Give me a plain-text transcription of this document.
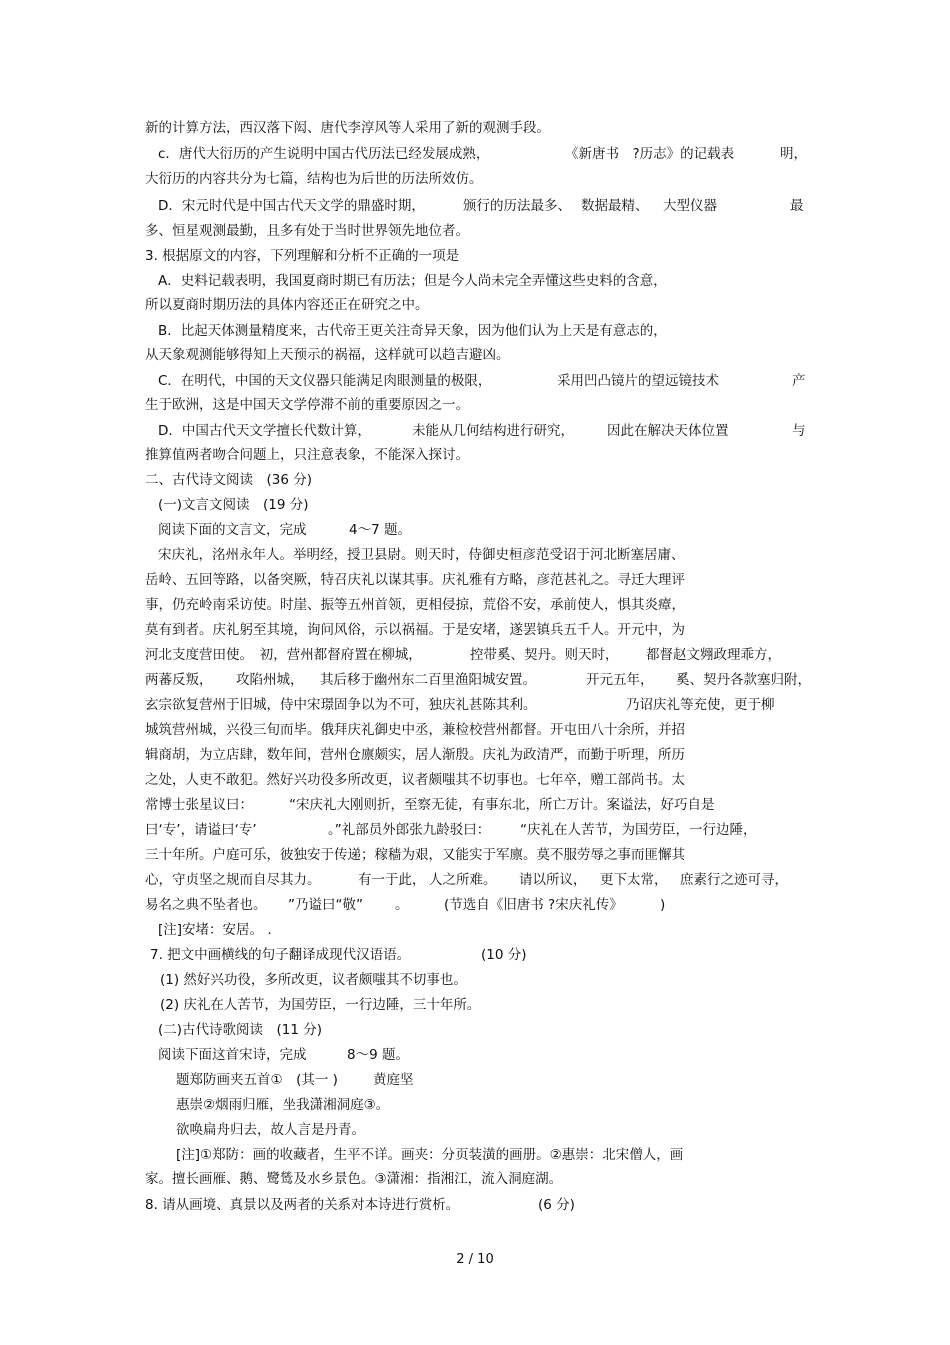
新的计算方法，西汉落下闳、唐代李淳风等人采用了新的观测手段。
c．唐代大衍历的产生说明中国古代历法已经发展成熟，	《新唐书　?历志》的记载表	明，
大衍历的内容共分为七篇，结构也为后世的历法所效仿。
D．宋元时代是中国古代天文学的鼎盛时期，	颁行的历法最多、 数据最精、 大型仪器	最
多、恒星观测最勤，且多有处于当时世界领先地位者。
3. 根据原文的内容，下列理解和分析不正确的一项是
A．史料记载表明，我国夏商时期已有历法；但是今人尚未完全弄懂这些史料的含意，
所以夏商时期历法的具体内容还正在研究之中。
B．比起天体测量精度来，古代帝王更关注奇异天象，因为他们认为上天是有意志的，
从天象观测能够得知上天预示的祸福，这样就可以趋吉避凶。
C．在明代，中国的天文仪器只能满足肉眼测量的极限，	采用凹凸镜片的望远镜技术	产
生于欧洲，这是中国天文学停滞不前的重要原因之一。
D．中国古代天文学擅长代数计算，	未能从几何结构进行研究， 因此在解决天体位置	与
推算值两者吻合问题上，只注意表象，不能深入探讨。
二、古代诗文阅读　(36 分)
(一)文言文阅读　(19 分)
阅读下面的文言文，完成	4～7 题。
宋庆礼，洺州永年人。举明经，授卫县尉。则天时，侍御史桓彦范受诏于河北断塞居庸、
岳岭、五回等路，以备突厥，特召庆礼以谋其事。庆礼雅有方略，彦范甚礼之。寻迁大理评
事，仍充岭南采访使。时崖、振等五州首领，更相侵掠，荒俗不安，承前使人，惧其炎瘴，
莫有到者。庆礼躬至其境，询问风俗，示以祸福。于是安堵，遂罢镇兵五千人。开元中，为
河北支度营田使。　初，营州都督府置在柳城，	控带奚、契丹。则天时， 都督赵文翙政理乖方，
两蕃反叛， 攻陷州城， 其后移于幽州东二百里渔阳城安置。	开元五年， 奚、契丹各款塞归附，
玄宗欲复营州于旧城，侍中宋璟固争以为不可，独庆礼甚陈其利。	乃诏庆礼等充使，更于柳
城筑营州城，兴役三旬而毕。俄拜庆礼御史中丞，兼检校营州都督。开屯田八十余所，并招
辑商胡，为立店肆，数年间，营州仓廪颇实，居人渐殷。庆礼为政清严，而勤于听理，所历
之处，人吏不敢犯。然好兴功役多所改更，议者颇嗤其不切事也。七年卒，赠工部尚书。太
常博士张星议曰：	“宋庆礼大刚则折，至察无徒，有事东北，所亡万计。案谥法，好巧自是
曰‘专’，请谥曰‘专’	。”礼部员外郎张九龄驳曰： “庆礼在人苦节，为国劳臣，一行边陲，
三十年所。户庭可乐，彼独安于传递；稼穑为艰，又能实于军廪。莫不服劳辱之事而匪懈其
心，守贞坚之规而自尽其力。	有一于此， 人之所难。 请以所议， 更下太常， 庶素行之迹可寻，
易名之典不坠者也。 ”乃谥曰“敬” 。	(节选自《旧唐书 ?宋庆礼传》	)
[注]安堵：安居。 .
7. 把文中画横线的句子翻译成现代汉语语。	(10 分)
(1) 然好兴功役，多所改更，议者颇嗤其不切事也。
(2) 庆礼在人苦节，为国劳臣，一行边陲，三十年所。
(二)古代诗歌阅读　(11 分)
阅读下面这首宋诗，完成	8～9 题。
题郑防画夹五首①　(其一 )	黄庭坚
惠崇②烟雨归雁，坐我潇湘洞庭③。
欲唤扁舟归去，故人言是丹青。
[注]①郑防：画的收藏者，生平不详。画夹：分页装潢的画册。②惠崇：北宋僧人，画
家。擅长画雁、鹅、鹭鸶及水乡景色。③潇湘：指湘江，流入洞庭湖。
8. 请从画境、真景以及两者的关系对本诗进行赏析。	(6 分)
2 / 10
